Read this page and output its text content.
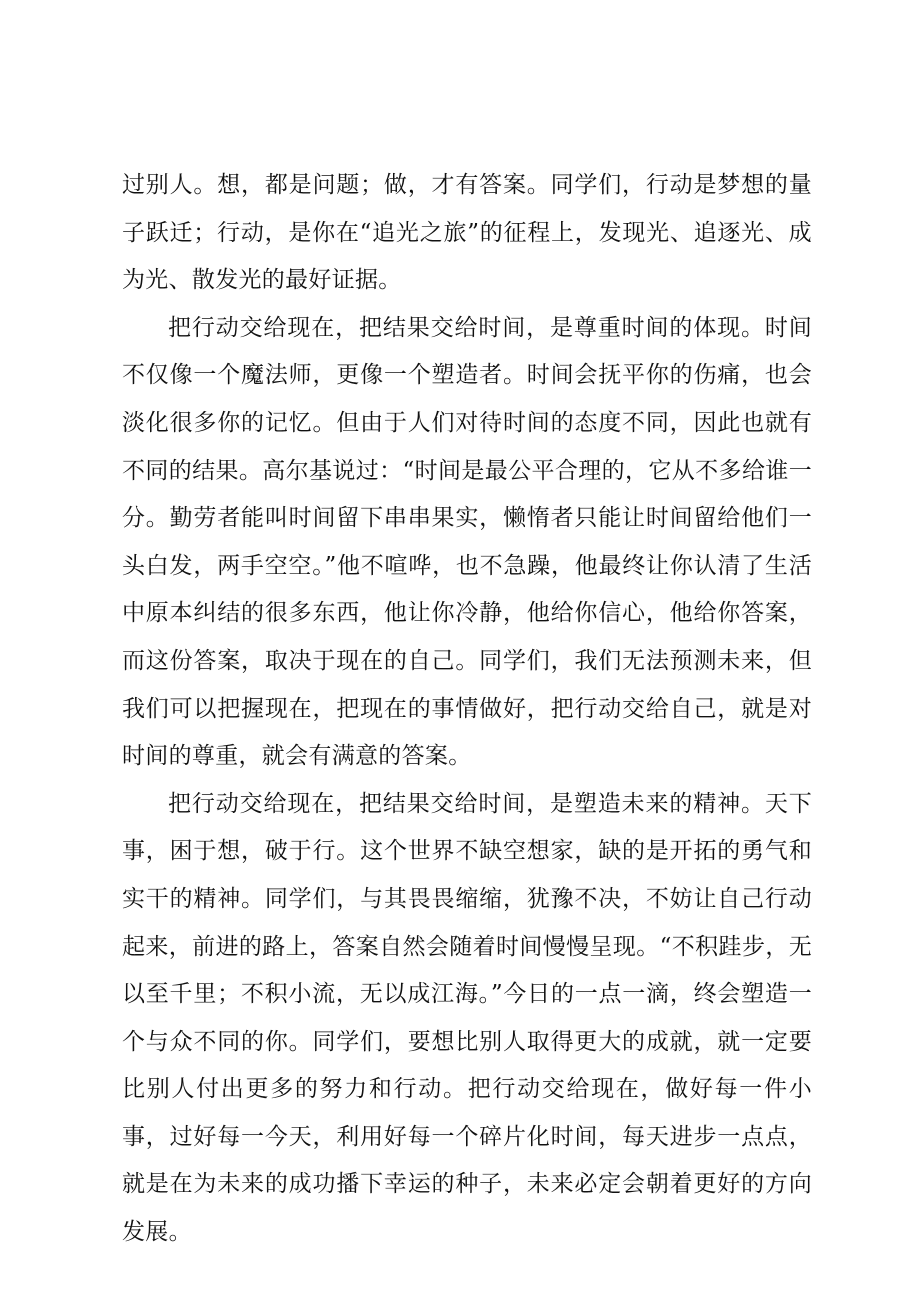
过别人。想，都是问题；做，才有答案。同学们，行动是梦想的量子跃迁；行动，是你在“追光之旅”的征程上，发现光、追逐光、成为光、散发光的最好证据。

把行动交给现在，把结果交给时间，是尊重时间的体现。时间不仅像一个魔法师，更像一个塑造者。时间会抚平你的伤痛，也会淡化很多你的记忆。但由于人们对待时间的态度不同，因此也就有不同的结果。高尔基说过：“时间是最公平合理的，它从不多给谁一分。勤劳者能叫时间留下串串果实，懒惰者只能让时间留给他们一头白发，两手空空。”他不喧哗，也不急躁，他最终让你认清了生活中原本纠结的很多东西，他让你冷静，他给你信心，他给你答案，而这份答案，取决于现在的自己。同学们，我们无法预测未来，但我们可以把握现在，把现在的事情做好，把行动交给自己，就是对时间的尊重，就会有满意的答案。

把行动交给现在，把结果交给时间，是塑造未来的精神。天下事，困于想，破于行。这个世界不缺空想家，缺的是开拓的勇气和实干的精神。同学们，与其畏畏缩缩，犹豫不决，不妨让自己行动起来，前进的路上，答案自然会随着时间慢慢呈现。“不积跬步，无以至千里；不积小流，无以成江海。”今日的一点一滴，终会塑造一个与众不同的你。同学们，要想比别人取得更大的成就，就一定要比别人付出更多的努力和行动。把行动交给现在，做好每一件小事，过好每一今天，利用好每一个碎片化时间，每天进步一点点，就是在为未来的成功播下幸运的种子，未来必定会朝着更好的方向发展。
